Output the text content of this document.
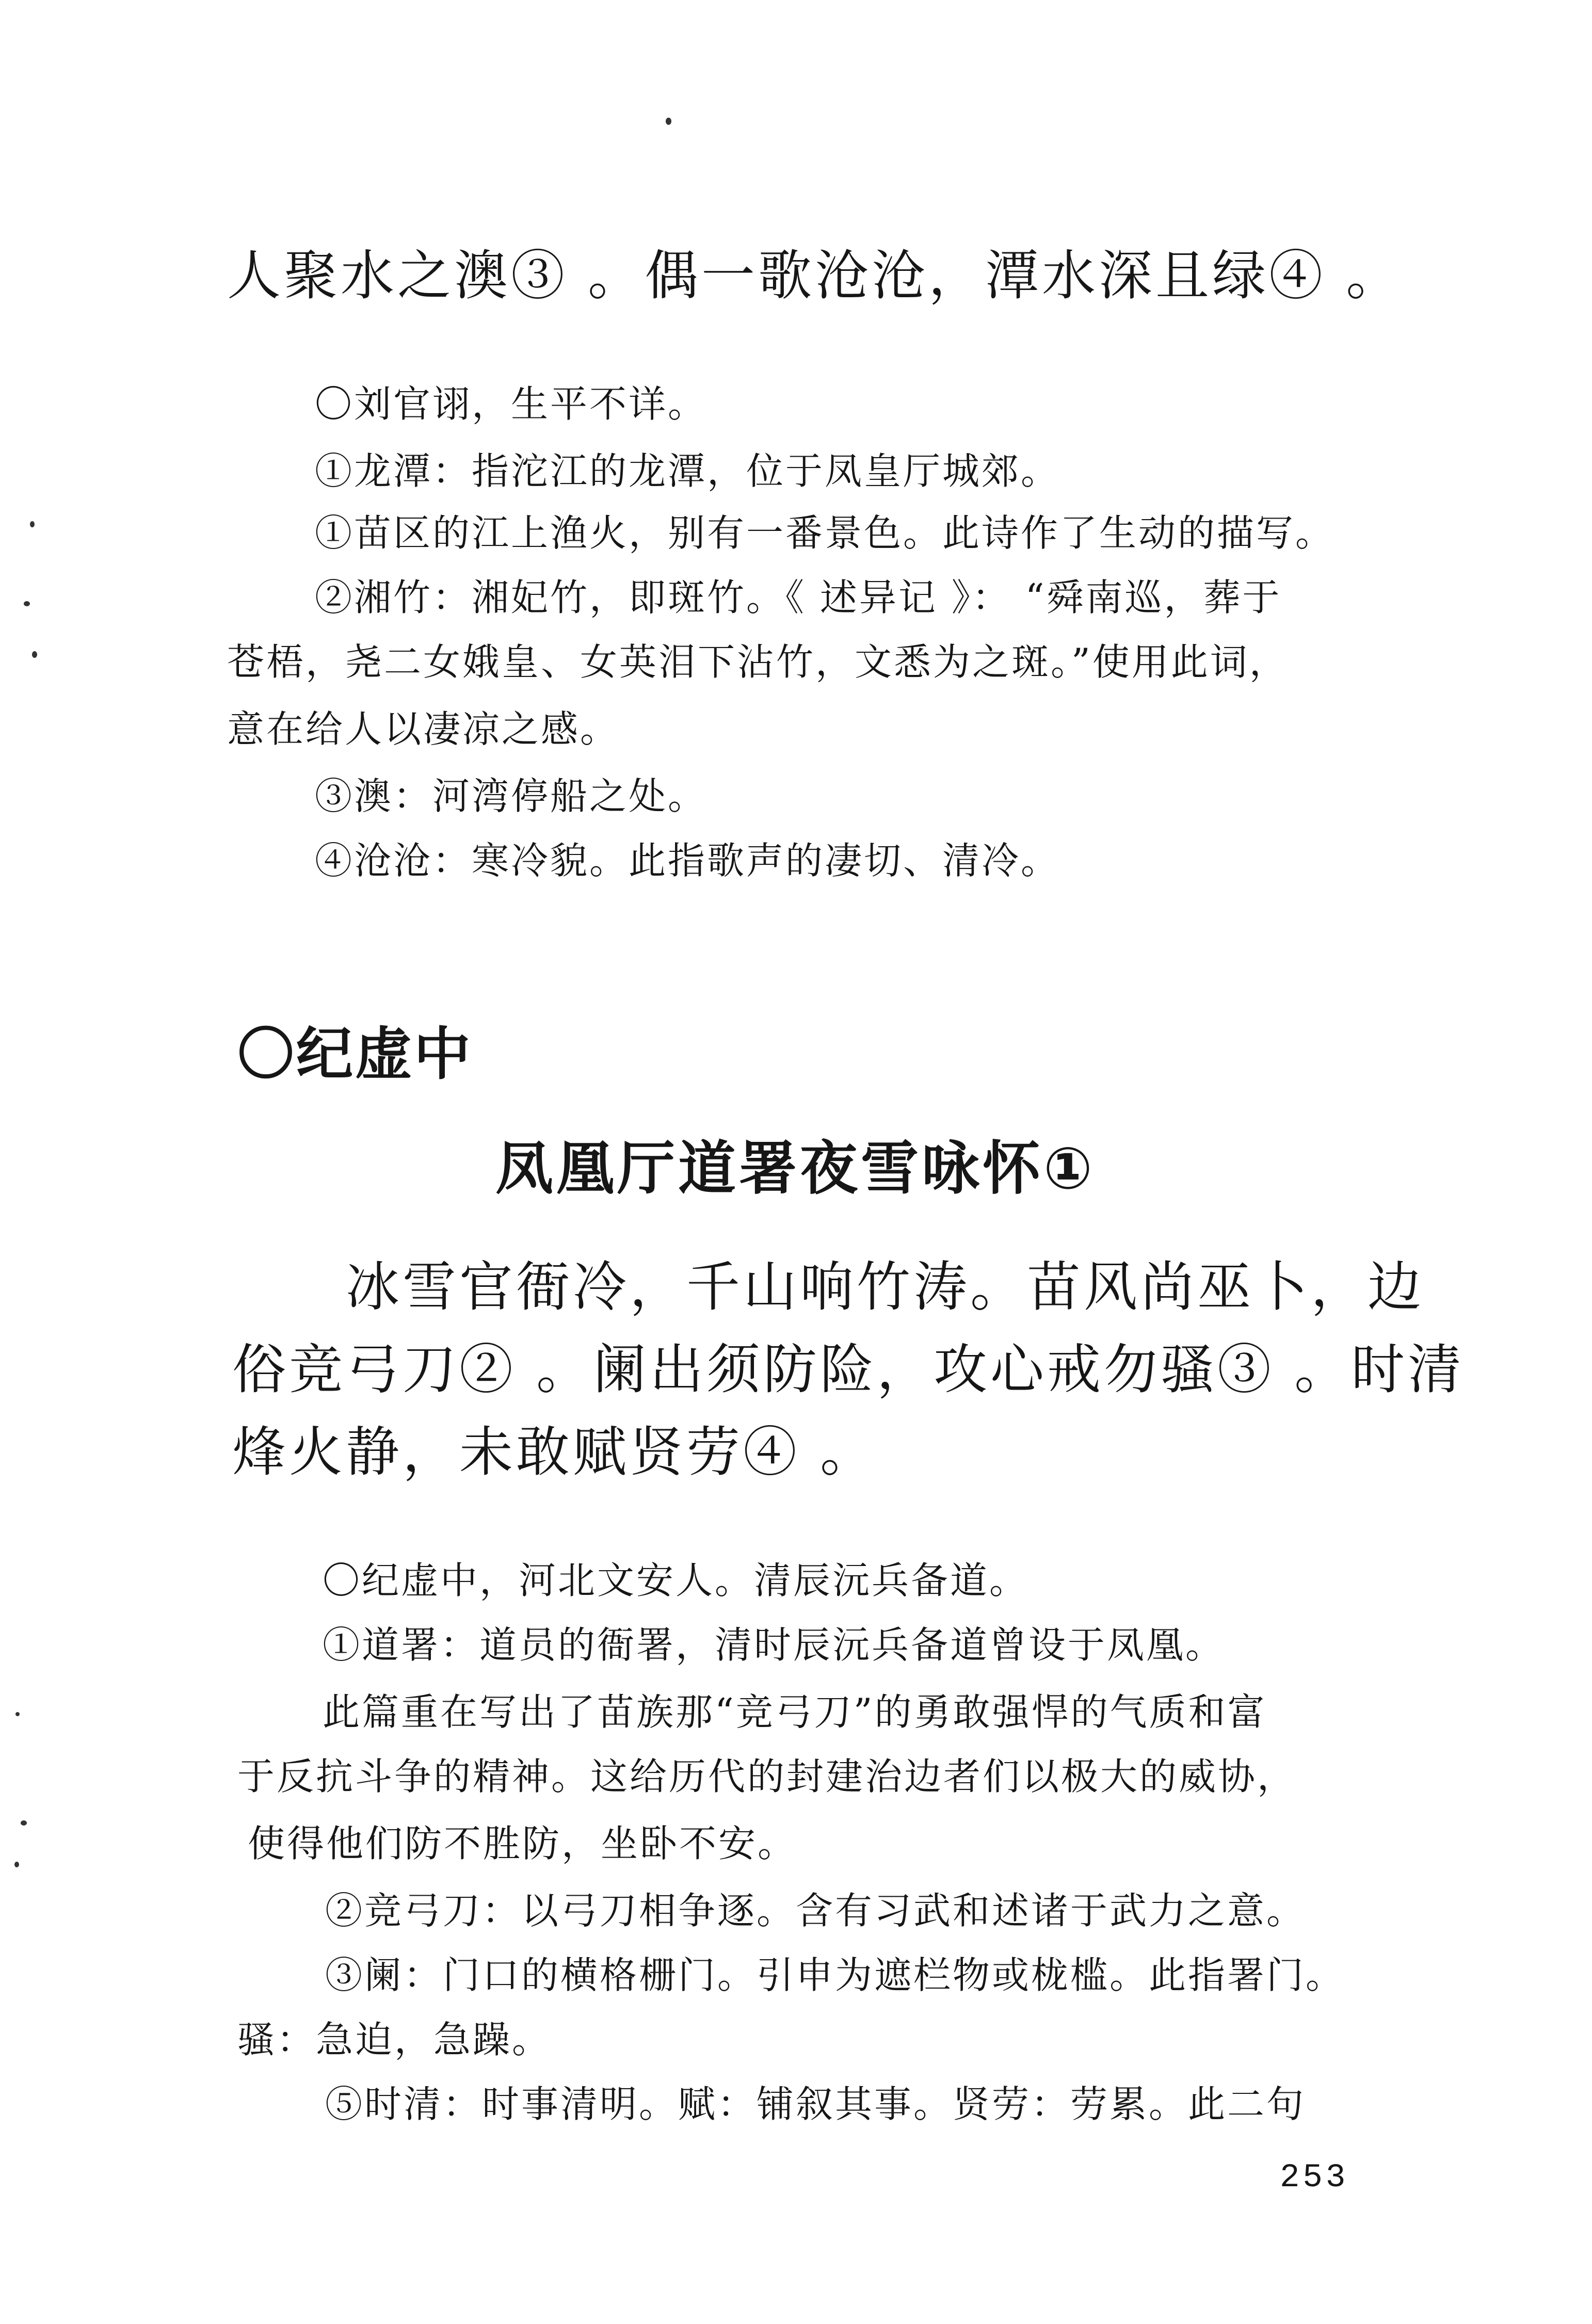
人聚水之澳③ 。偶一歌沧沧，潭水深且绿④ 。
〇刘官诩，生平不详。
①龙潭：指沱江的龙潭，位于凤皇厅城郊。
①苗区的江上渔火，别有一番景色。此诗作了生动的描写。
②湘竹：湘妃竹，即斑竹。《 述异记 》： “舜南巡，葬于
苍梧，尧二女娥皇、女英泪下沾竹，文悉为之斑。”使用此词，
意在给人以凄凉之感。
③澳：河湾停船之处。
④沧沧：寒冷貌。此指歌声的凄切、清冷。
〇纪虚中
凤凰厅道署夜雪咏怀①
冰雪官衙冷，千山响竹涛。苗风尚巫卜，边
俗竞弓刀② 。阑出须防险，攻心戒勿骚③ 。时清
烽火静，未敢赋贤劳④ 。
〇纪虚中，河北文安人。清辰沅兵备道。
①道署：道员的衙署，清时辰沅兵备道曾设于凤凰。
此篇重在写出了苗族那“竞弓刀”的勇敢强悍的气质和富
于反抗斗争的精神。这给历代的封建治边者们以极大的威协，
使得他们防不胜防，坐卧不安。
②竞弓刀：以弓刀相争逐。含有习武和述诸于武力之意。
③阑：门口的横格栅门。引申为遮栏物或栊槛。此指署门。
骚：急迫，急躁。
⑤时清：时事清明。赋：铺叙其事。贤劳：劳累。此二句
253
